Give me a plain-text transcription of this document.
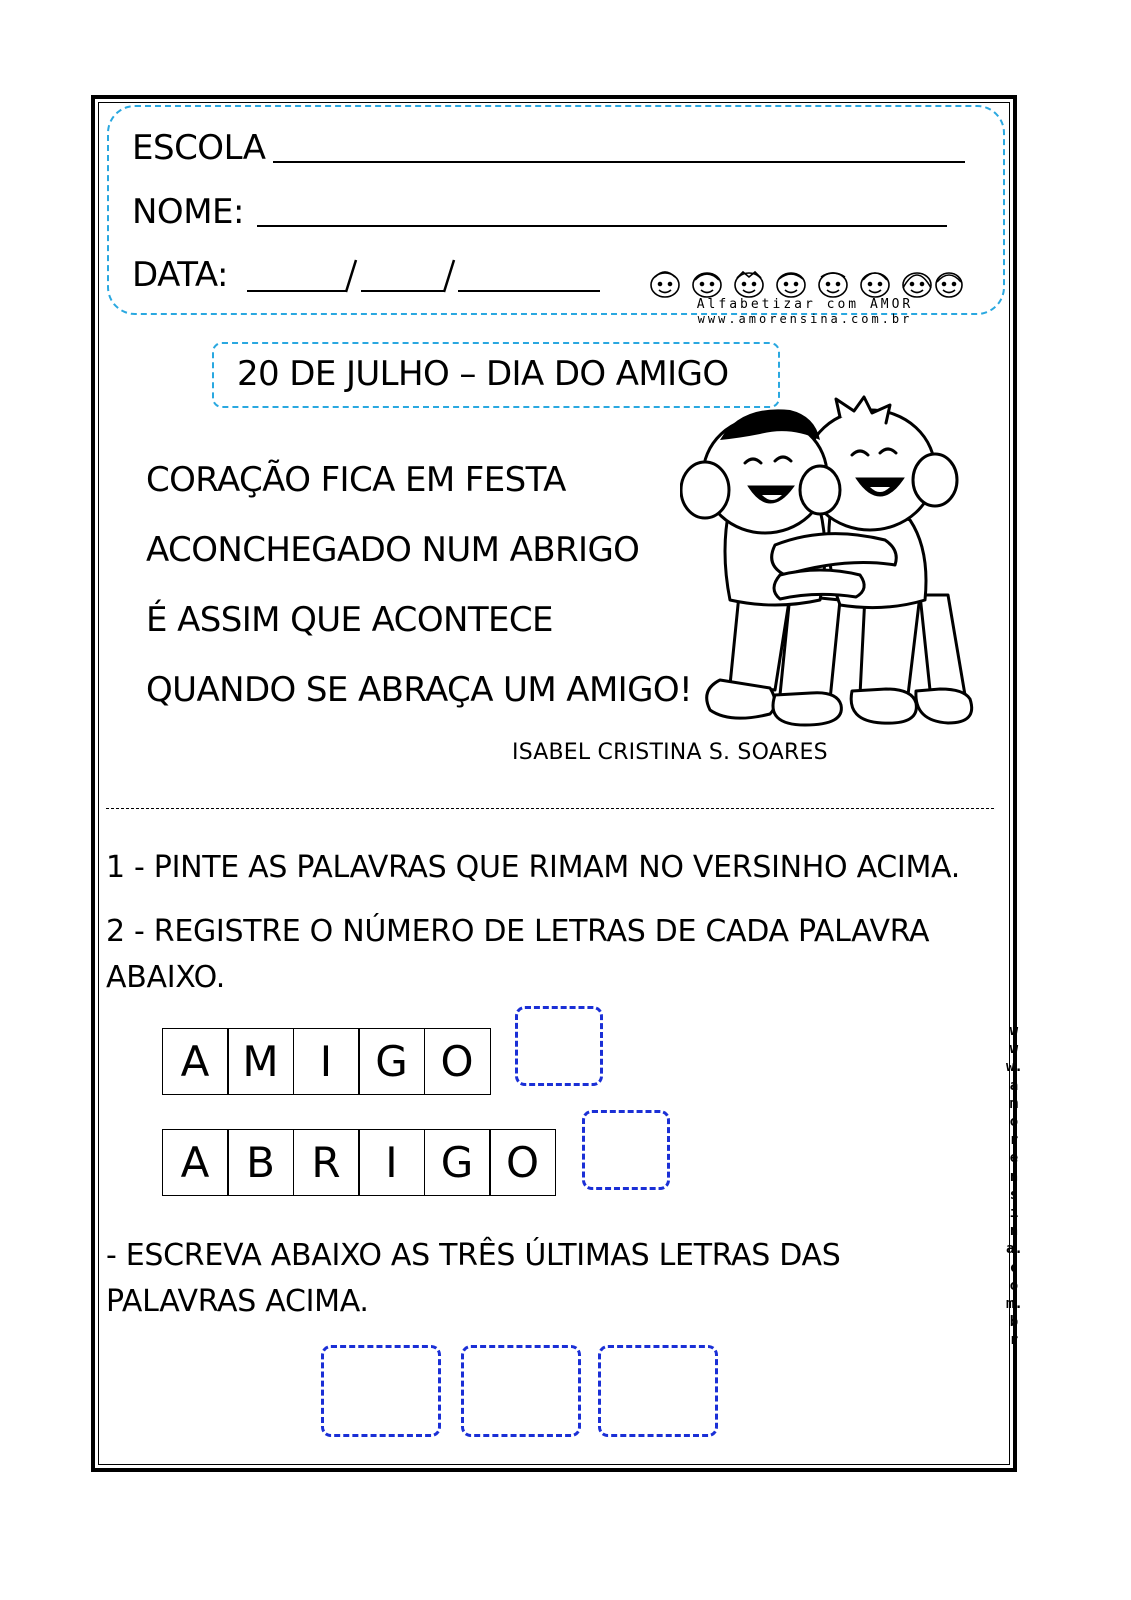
ESCOLA
NOME:
DATA:
Alfabetizar com AMOR
www.amorensina.com.br
20 DE JULHO – DIA DO AMIGO
CORAÇÃO FICA EM FESTA
ACONCHEGADO NUM ABRIGO
É ASSIM QUE ACONTECE
QUANDO SE ABRAÇA UM AMIGO!
ISABEL CRISTINA S. SOARES
1 - PINTE AS PALAVRAS QUE RIMAM NO VERSINHO ACIMA.
2 - REGISTRE O NÚMERO DE LETRAS DE CADA PALAVRA
ABAIXO.
A M I	G O
A B R	I	G O
- ESCREVA ABAIXO AS TRÊS ÚLTIMAS LETRAS DAS
PALAVRAS ACIMA.
www.amorensina.com.br
